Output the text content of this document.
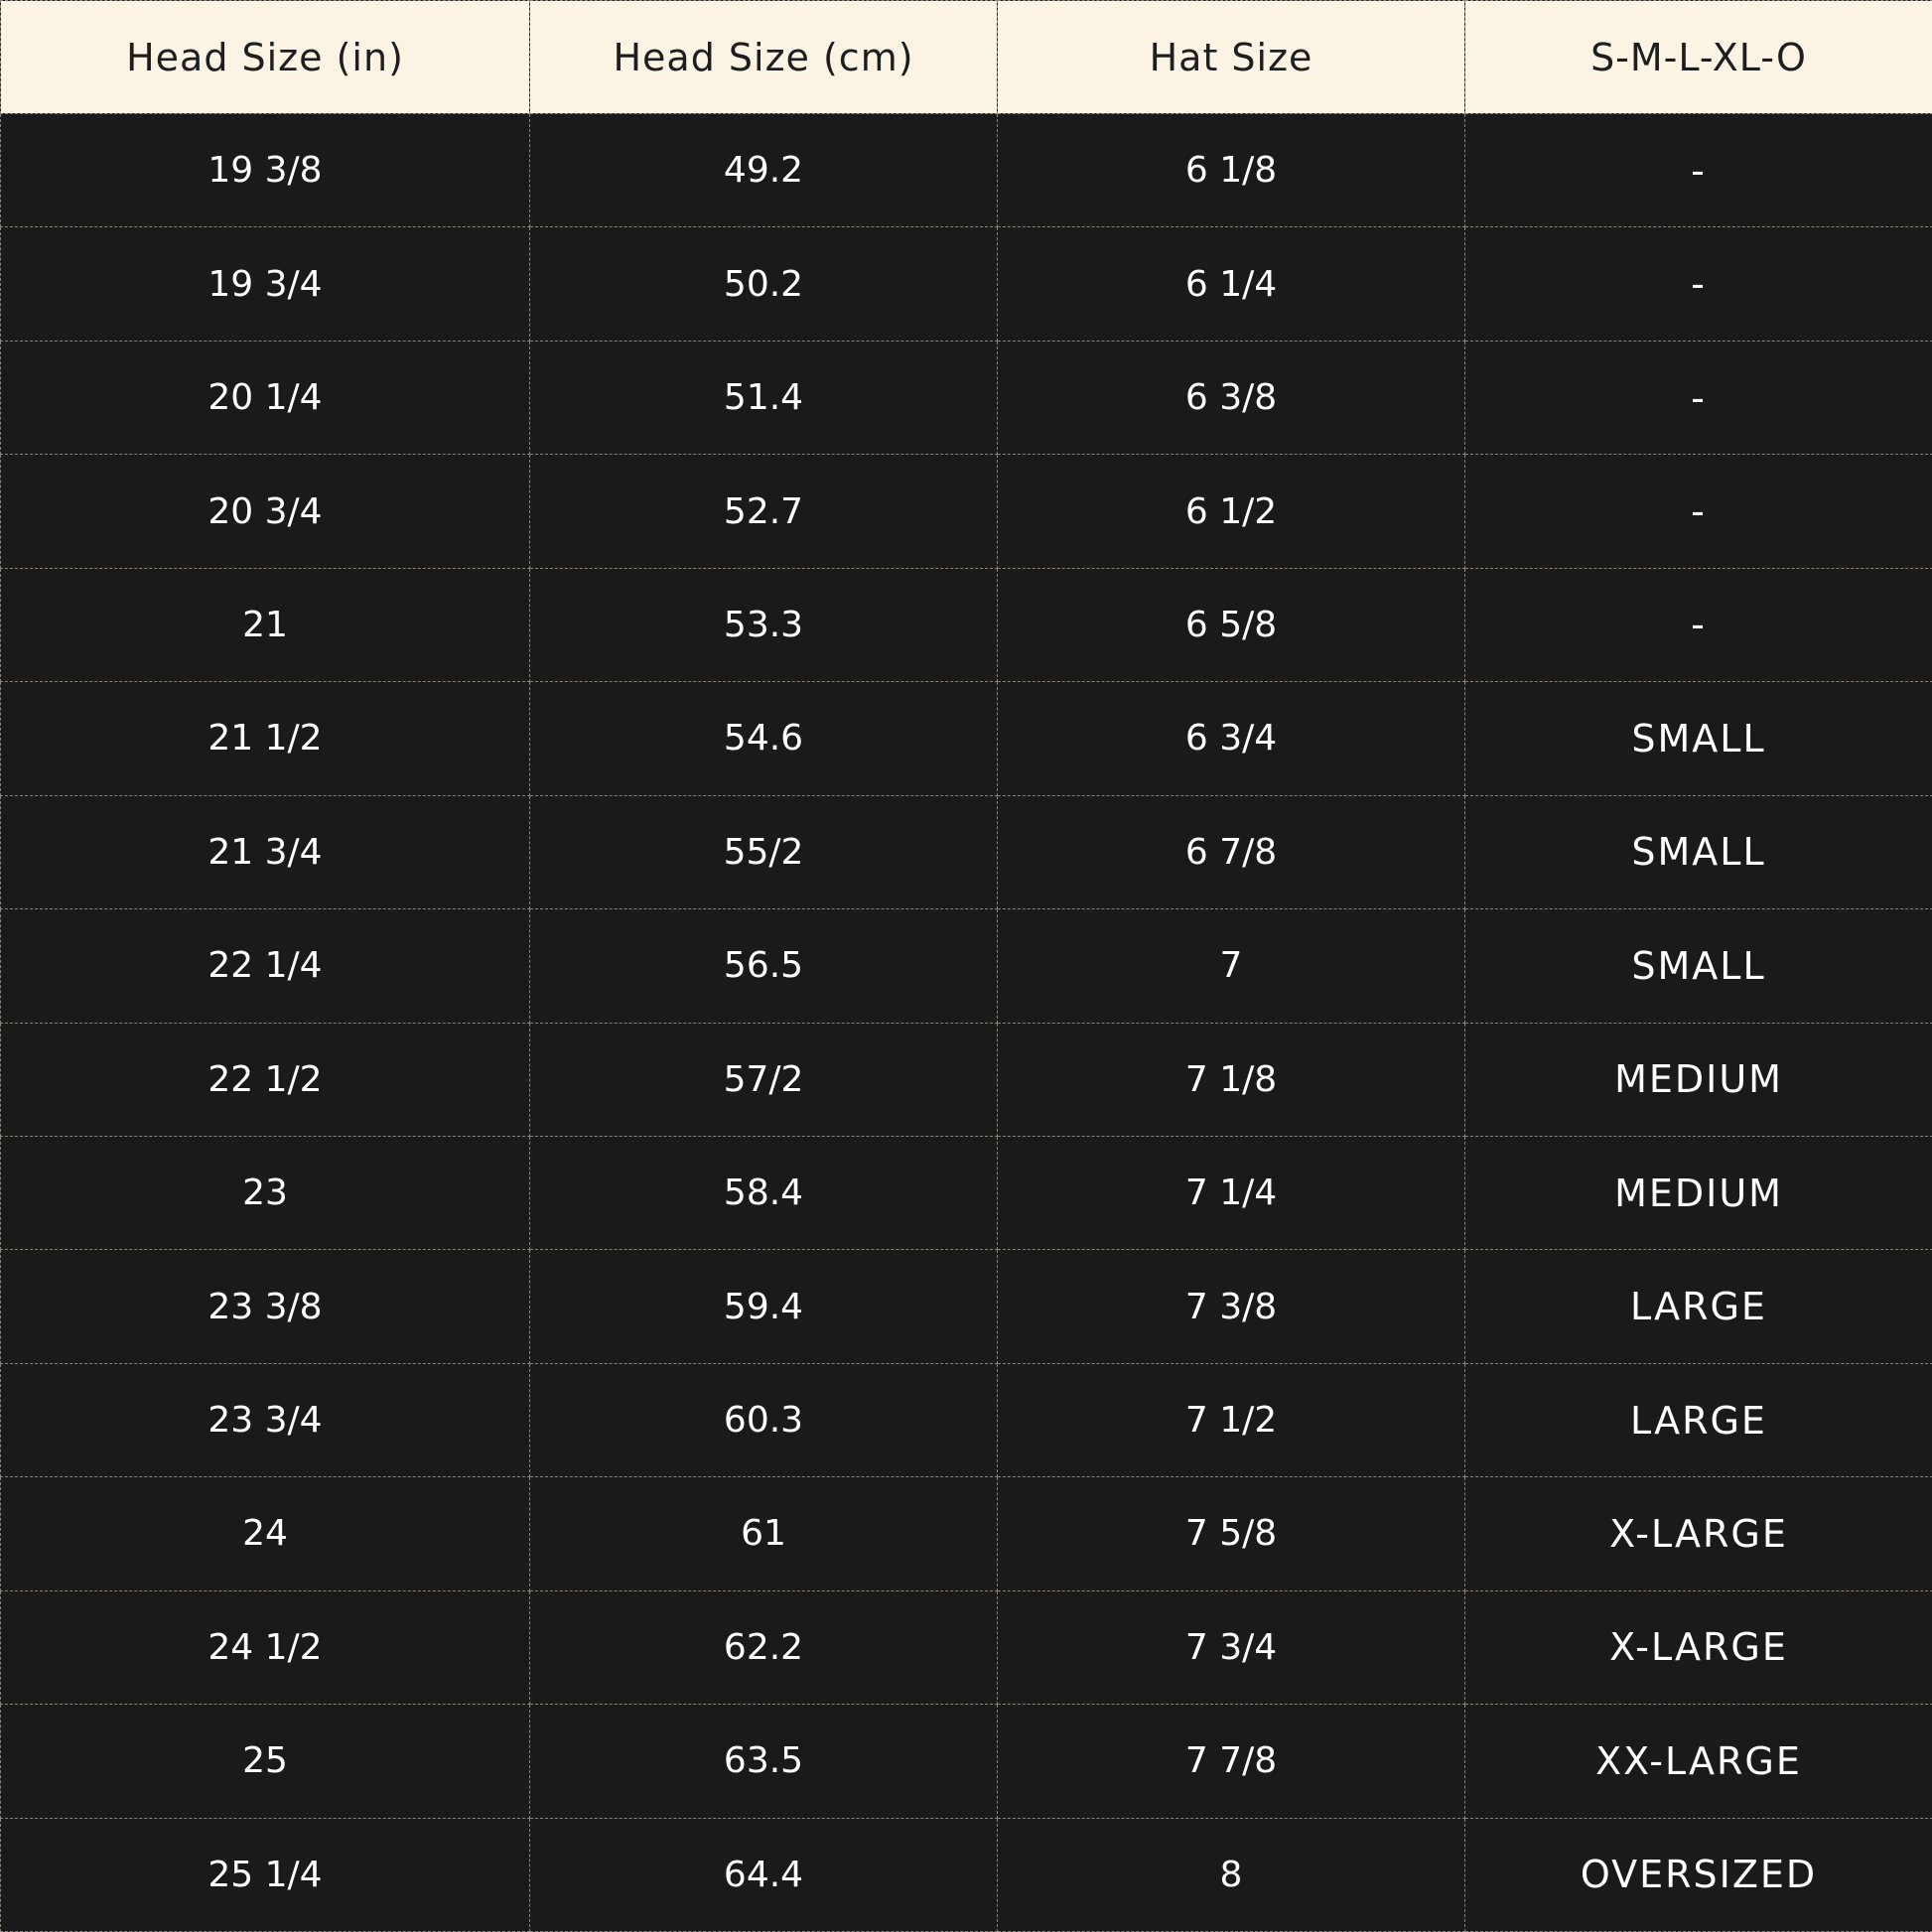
Head Size (in)	Head Size (cm)	Hat Size	S-M-L-XL-O
19 3/8	49.2	6 1/8	-
19 3/4	50.2	6 1/4	-
20 1/4	51.4	6 3/8	-
20 3/4	52.7	6 1/2	-
21	53.3	6 5/8	-
21 1/2	54.6	6 3/4	SMALL
21 3/4	55/2	6 7/8	SMALL
22 1/4	56.5	7	SMALL
22 1/2	57/2	7 1/8	MEDIUM
23	58.4	7 1/4	MEDIUM
23 3/8	59.4	7 3/8	LARGE
23 3/4	60.3	7 1/2	LARGE
24	61	7 5/8	X-LARGE
24 1/2	62.2	7 3/4	X-LARGE
25	63.5	7 7/8	XX-LARGE
25 1/4	64.4	8	OVERSIZED
